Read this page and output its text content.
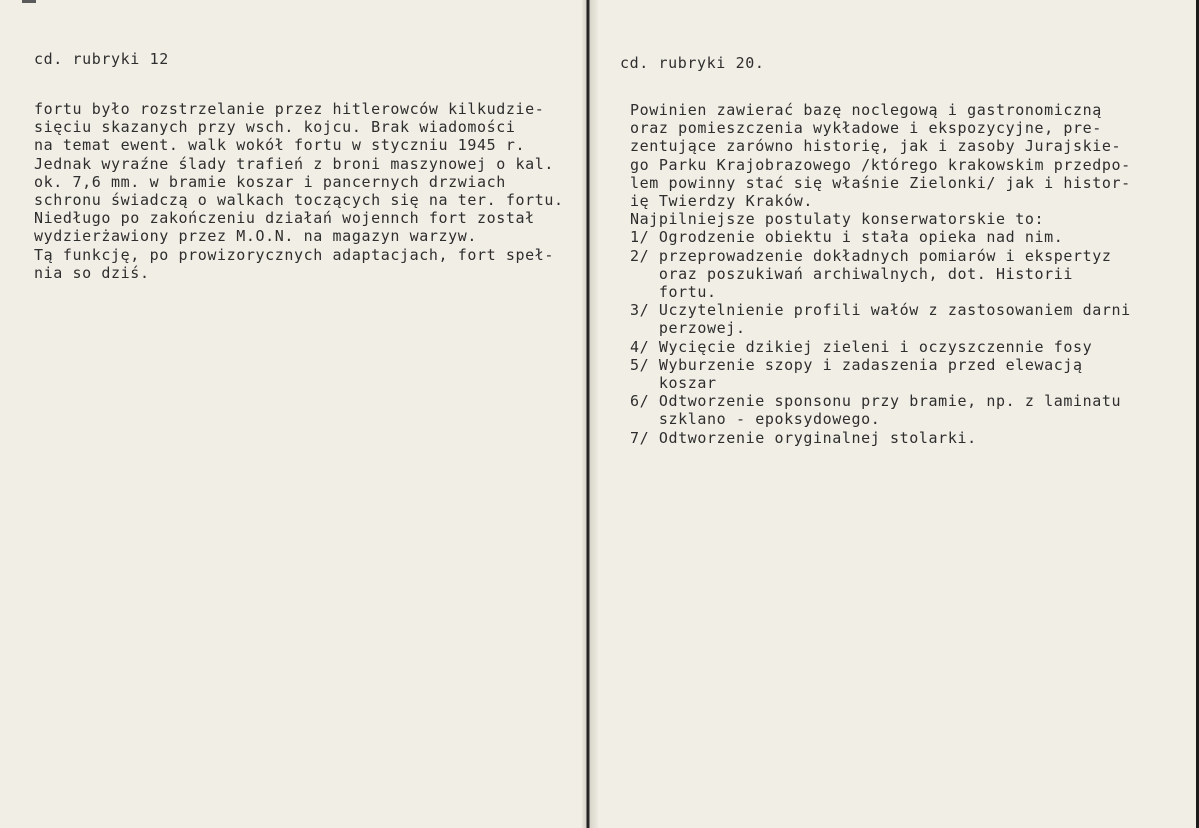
cd. rubryki 12

fortu było rozstrzelanie przez hitlerowców kilkudzie-
sięciu skazanych przy wsch. kojcu. Brak wiadomości
na temat ewent. walk wokół fortu w styczniu 1945 r.
Jednak wyraźne ślady trafień z broni maszynowej o kal.
ok. 7,6 mm. w bramie koszar i pancernych drzwiach
schronu świadczą o walkach toczących się na ter. fortu.
Niedługo po zakończeniu działań wojennch fort został
wydzierżawiony przez M.O.N. na magazyn warzyw.
Tą funkcję, po prowizorycznych adaptacjach, fort speł-
nia so dziś.

cd. rubryki 20.

Powinien zawierać bazę noclegową i gastronomiczną
oraz pomieszczenia wykładowe i ekspozycyjne, pre-
zentujące zarówno historię, jak i zasoby Jurajskie-
go Parku Krajobrazowego /którego krakowskim przedpo-
lem powinny stać się właśnie Zielonki/ jak i histor-
ię Twierdzy Kraków.
Najpilniejsze postulaty konserwatorskie to:
1/ Ogrodzenie obiektu i stała opieka nad nim.
2/ przeprowadzenie dokładnych pomiarów i ekspertyz
oraz poszukiwań archiwalnych, dot. Historii
fortu.
3/ Uczytelnienie profili wałów z zastosowaniem darni
perzowej.
4/ Wycięcie dzikiej zieleni i oczyszczennie fosy
5/ Wyburzenie szopy i zadaszenia przed elewacją
koszar
6/ Odtworzenie sponsonu przy bramie, np. z laminatu
szklano - epoksydowego.
7/ Odtworzenie oryginalnej stolarki.
